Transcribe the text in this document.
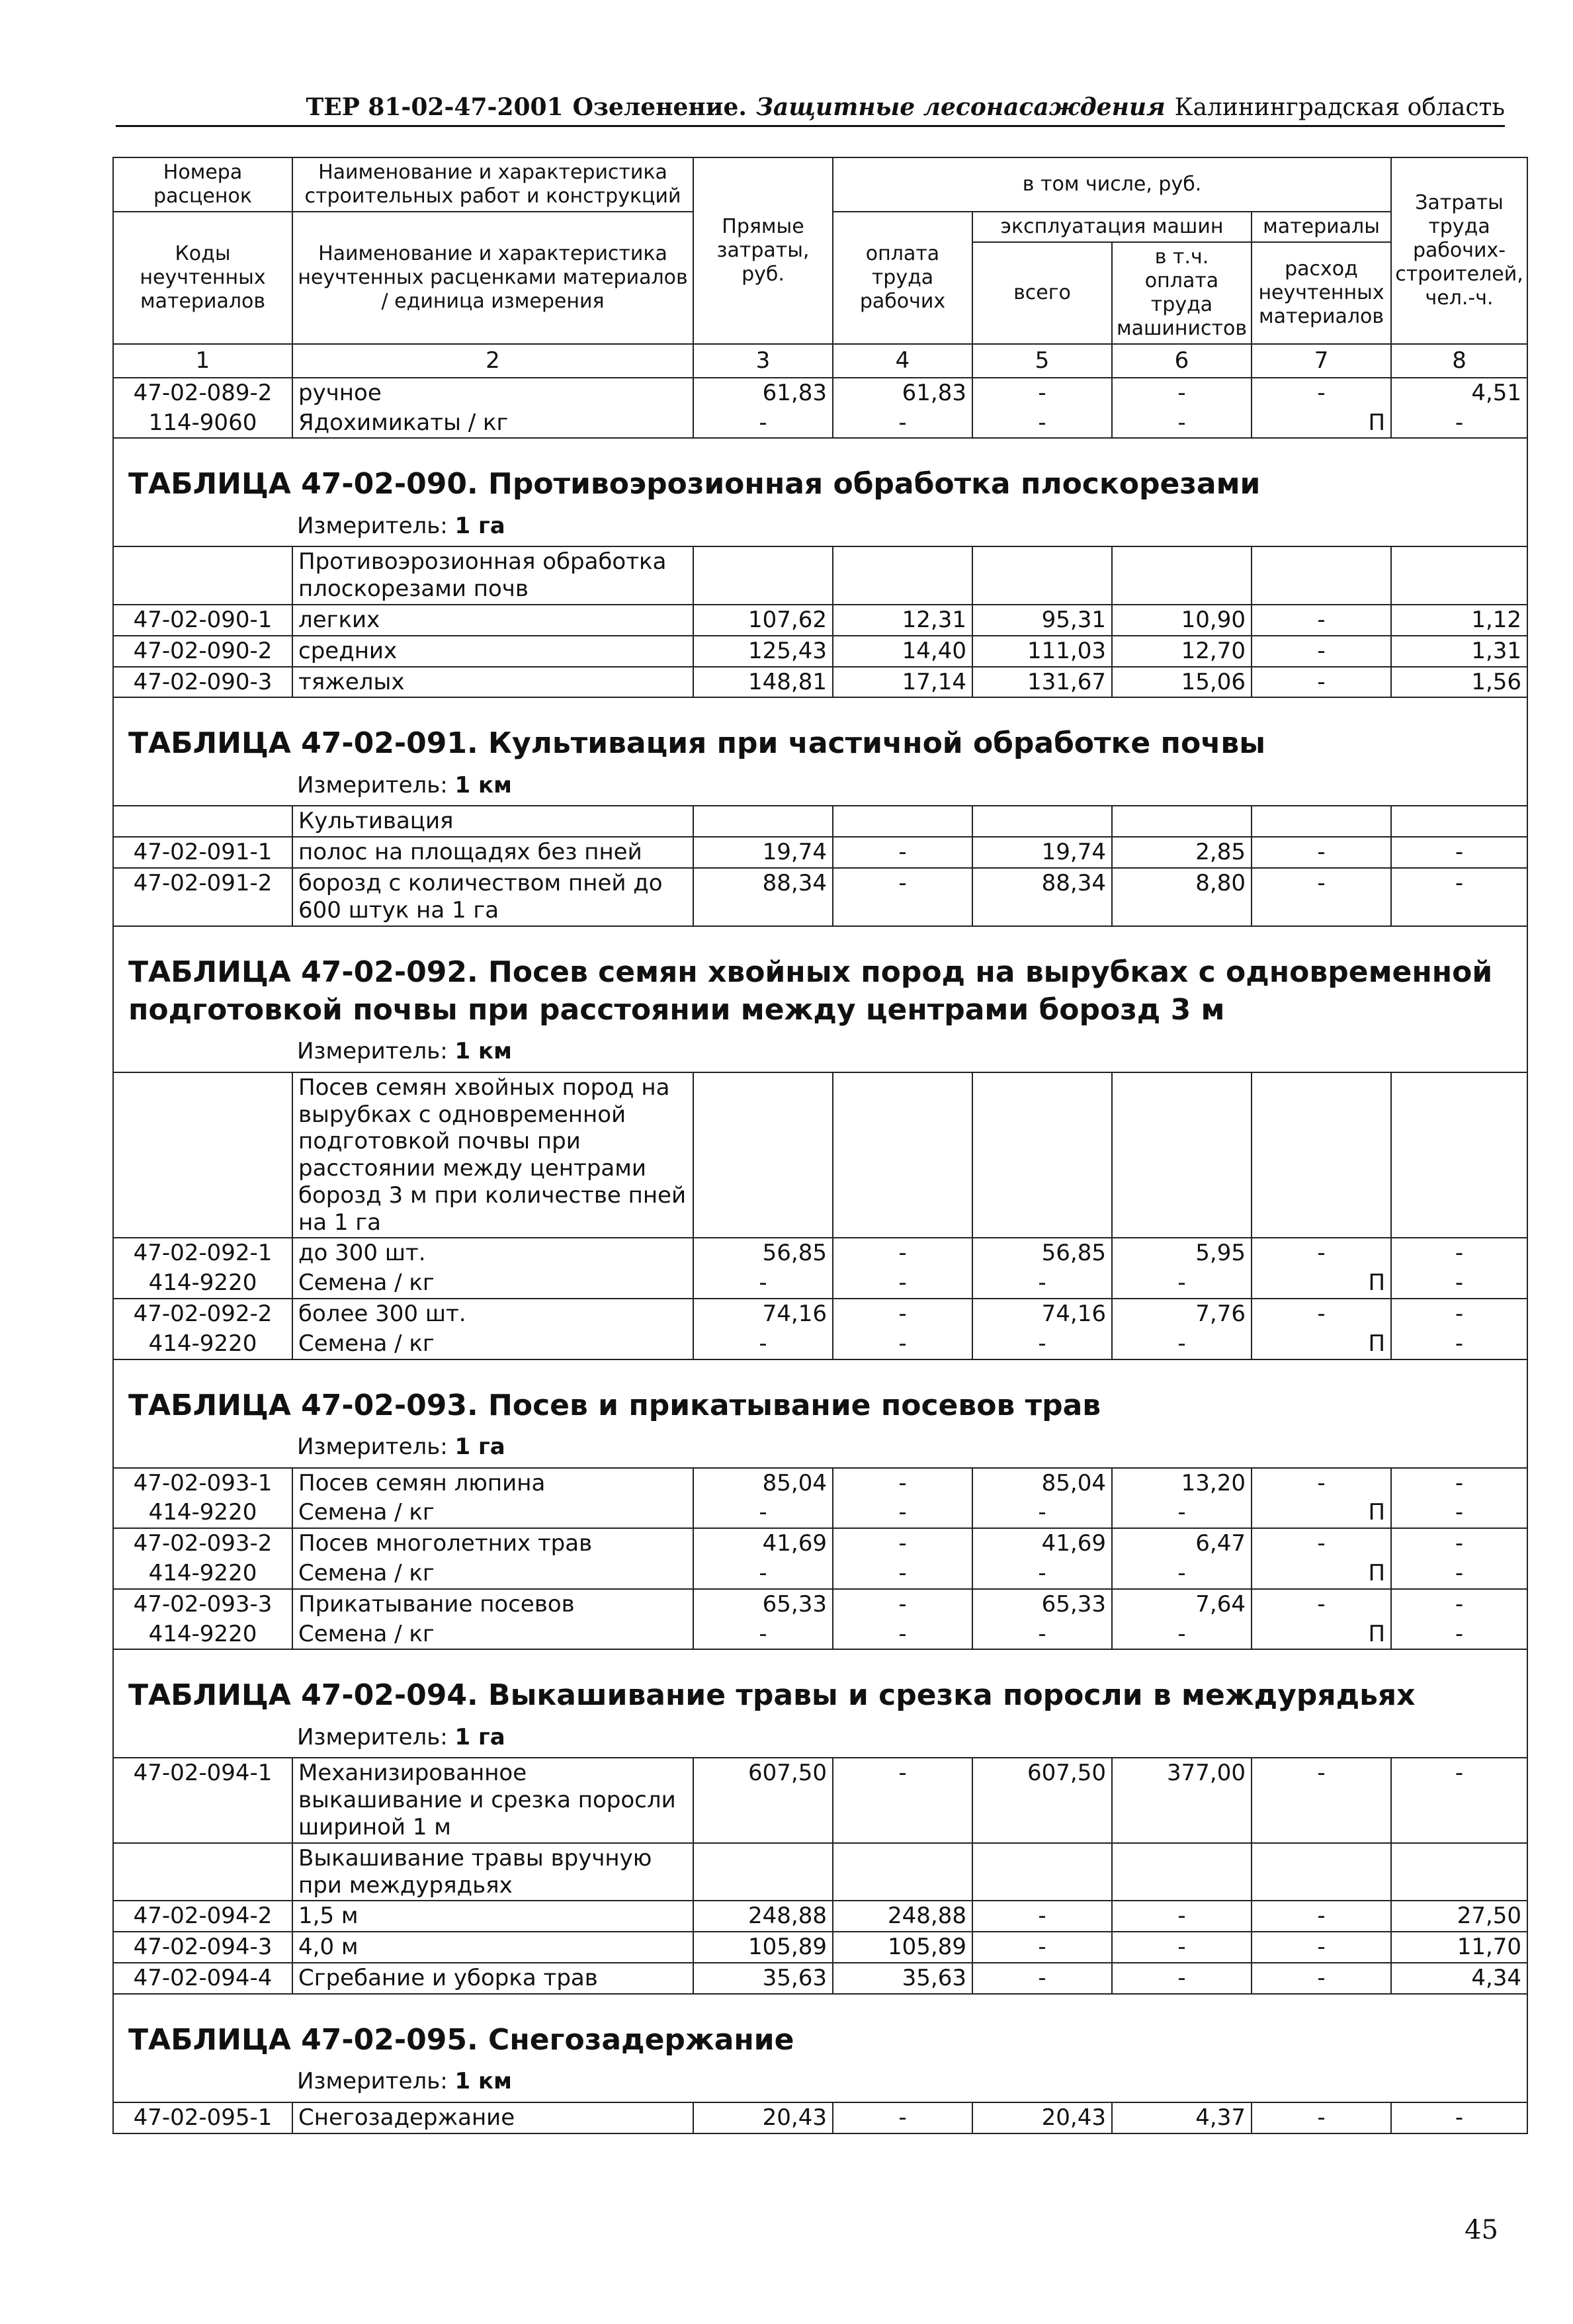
ТЕР 81-02-47-2001 Озеленение. Защитные лесонасаждения Калининградская область
Номера расценок	Наименование и характеристика строительных работ и конструкций	Прямые затраты, руб.	в том числе, руб.				Затраты труда рабочих-строителей, чел.-ч.
Коды неучтенных материалов	Наименование и характеристика неучтенных расценками материалов / единица измерения		оплата труда рабочих	эксплуатация машин		материалы	
				всего	в т.ч. оплата труда машинистов	расход неучтенных материалов	

1	2	3	4	5	6	7	8
47-02-089-2	ручное	61,83	61,83	-	-	-	4,51
114-9060	Ядохимикаты / кг	-	-	-	-	П	-
ТАБЛИЦА 47-02-090. Противоэрозионная обработка плоскорезами							
Измеритель: 1 га							
	Противоэрозионная обработка плоскорезами почв						
47-02-090-1	легких	107,62	12,31	95,31	10,90	-	1,12
47-02-090-2	средних	125,43	14,40	111,03	12,70	-	1,31
47-02-090-3	тяжелых	148,81	17,14	131,67	15,06	-	1,56
ТАБЛИЦА 47-02-091. Культивация при частичной обработке почвы							
Измеритель: 1 км							
	Культивация						
47-02-091-1	полос на площадях без пней	19,74	-	19,74	2,85	-	-
47-02-091-2	борозд с количеством пней до 600 штук на 1 га	88,34	-	88,34	8,80	-	-
ТАБЛИЦА 47-02-092. Посев семян хвойных пород на вырубках с одновременной подготовкой почвы при расстоянии между центрами борозд 3 м							
Измеритель: 1 км							
	Посев семян хвойных пород на вырубках с одновременной подготовкой почвы при расстоянии между центрами борозд 3 м при количестве пней на 1 га						
47-02-092-1	до 300 шт.	56,85	-	56,85	5,95	-	-
414-9220	Семена / кг	-	-	-	-	П	-
47-02-092-2	более 300 шт.	74,16	-	74,16	7,76	-	-
414-9220	Семена / кг	-	-	-	-	П	-
ТАБЛИЦА 47-02-093. Посев и прикатывание посевов трав							
Измеритель: 1 га							
47-02-093-1	Посев семян люпина	85,04	-	85,04	13,20	-	-
414-9220	Семена / кг	-	-	-	-	П	-
47-02-093-2	Посев многолетних трав	41,69	-	41,69	6,47	-	-
414-9220	Семена / кг	-	-	-	-	П	-
47-02-093-3	Прикатывание посевов	65,33	-	65,33	7,64	-	-
414-9220	Семена / кг	-	-	-	-	П	-
ТАБЛИЦА 47-02-094. Выкашивание травы и срезка поросли в междурядьях							
Измеритель: 1 га							
47-02-094-1	Механизированное выкашивание и срезка поросли шириной 1 м	607,50	-	607,50	377,00	-	-
	Выкашивание травы вручную при междурядьях						
47-02-094-2	1,5 м	248,88	248,88	-	-	-	27,50
47-02-094-3	4,0 м	105,89	105,89	-	-	-	11,70
47-02-094-4	Сгребание и уборка трав	35,63	35,63	-	-	-	4,34
ТАБЛИЦА 47-02-095. Снегозадержание							
Измеритель: 1 км							
47-02-095-1	Снегозадержание	20,43	-	20,43	4,37	-	-
45
